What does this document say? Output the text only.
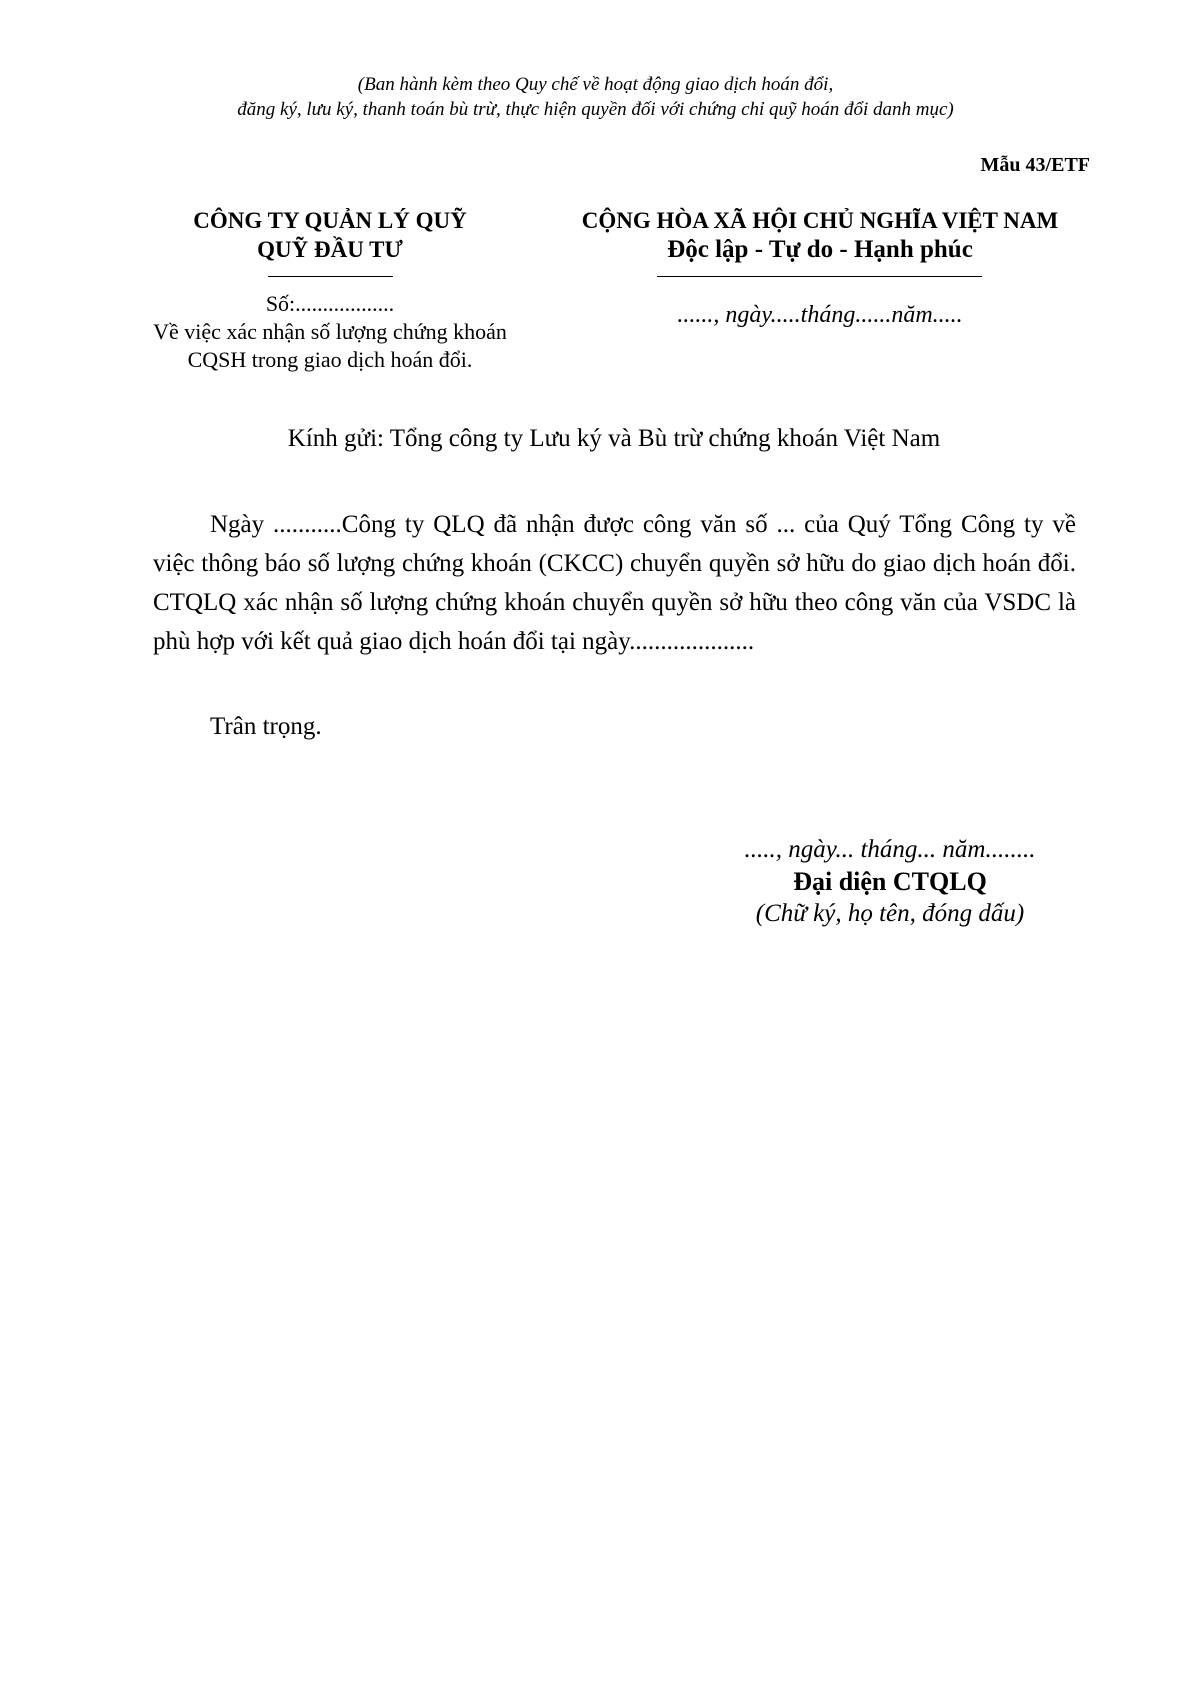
(Ban hành kèm theo Quy chế về hoạt động giao dịch hoán đổi,
đăng ký, lưu ký, thanh toán bù trừ, thực hiện quyền đối với chứng chỉ quỹ hoán đổi danh mục)
Mẫu 43/ETF
CÔNG TY QUẢN LÝ QUỸ
QUỸ ĐẦU TƯ
CỘNG HÒA XÃ HỘI CHỦ NGHĨA VIỆT NAM
Độc lập - Tự do - Hạnh phúc
Số:..................
Về việc xác nhận số lượng chứng khoán
CQSH trong giao dịch hoán đổi.
......, ngày.....tháng......năm.....
Kính gửi: Tổng công ty Lưu ký và Bù trừ chứng khoán Việt Nam

Ngày ...........Công ty QLQ đã nhận được công văn số ... của Quý Tổng Công ty về việc thông báo số lượng chứng khoán (CKCC) chuyển quyền sở hữu do giao dịch hoán đổi. CTQLQ xác nhận số lượng chứng khoán chuyển quyền sở hữu theo công văn của VSDC là phù hợp với kết quả giao dịch hoán đổi tại ngày....................

Trân trọng.
....., ngày... tháng... năm........
Đại diện CTQLQ
(Chữ ký, họ tên, đóng dấu)
